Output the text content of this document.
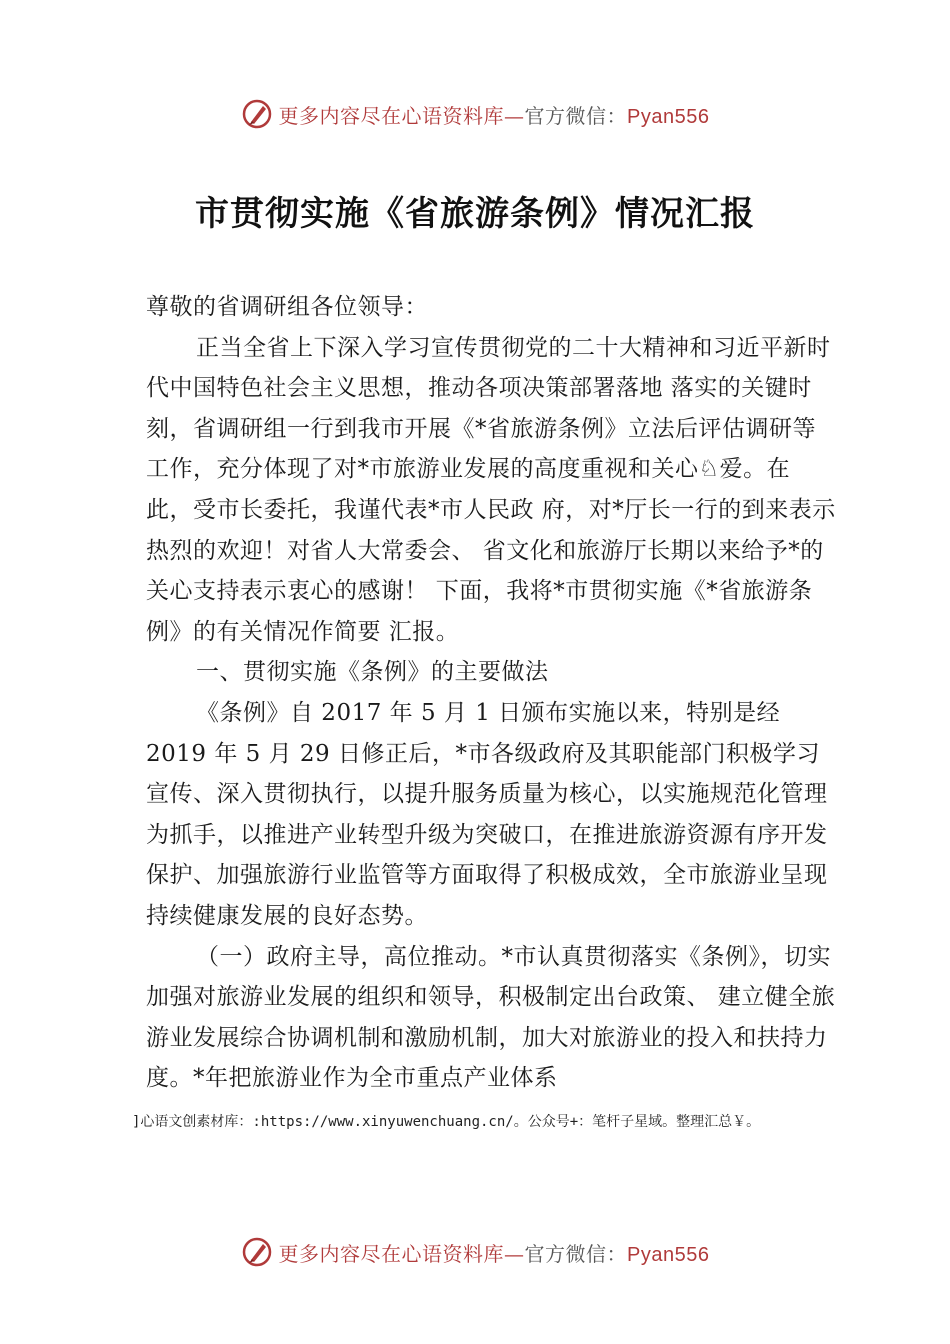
更多内容尽在心语资料库—官方微信：Pyan556
市贯彻实施《省旅游条例》情况汇报

尊敬的省调研组各位领导：

正当全省上下深入学习宣传贯彻党的二十大精神和习近平新时代中国特色社会主义思想，推动各项决策部署落地 落实的关键时刻，省调研组一行到我市开展《*省旅游条例》立法后评估调研等工作，充分体现了对*市旅游业发展的高度重视和关心♘爱。在此，受市长委托，我谨代表*市人民政 府，对*厅长一行的到来表示热烈的欢迎！对省人大常委会、 省文化和旅游厅长期以来给予*的关心支持表示衷心的感谢！ 下面，我将*市贯彻实施《*省旅游条例》的有关情况作简要 汇报。

一、贯彻实施《条例》的主要做法

《条例》自 2017 年 5 月 1 日颁布实施以来，特别是经2019 年 5 月 29 日修正后，*市各级政府及其职能部门积极学习宣传、深入贯彻执行，以提升服务质量为核心，以实施规范化管理为抓手，以推进产业转型升级为突破口，在推进旅游资源有序开发保护、加强旅游行业监管等方面取得了积极成效，全市旅游业呈现持续健康发展的良好态势。

（一）政府主导，高位推动。*市认真贯彻落实《条例》，切实加强对旅游业发展的组织和领导，积极制定出台政策、 建立健全旅游业发展综合协调机制和激励机制，加大对旅游业的投入和扶持力度。*年把旅游业作为全市重点产业体系

]心语文创素材库：:https://www.xinyuwenchuang.cn/。公众号+：笔杆子星域。整理汇总￥。
更多内容尽在心语资料库—官方微信：Pyan556
